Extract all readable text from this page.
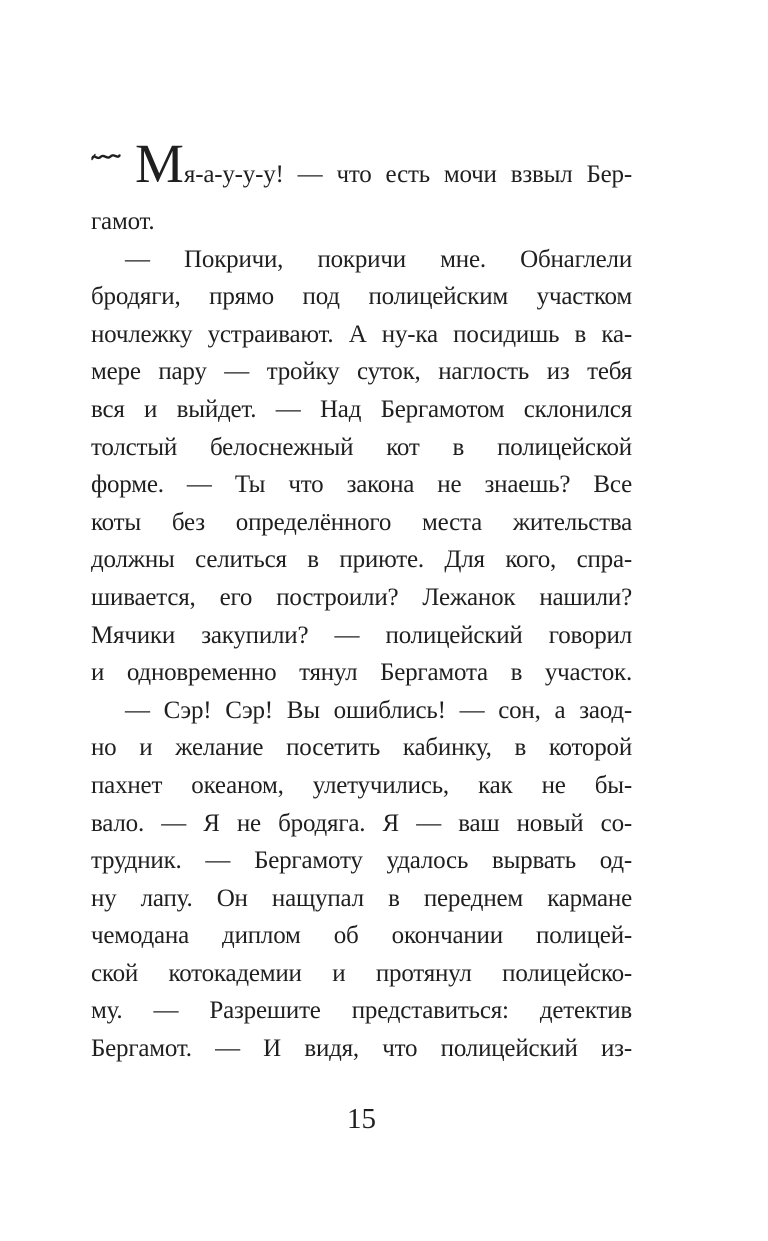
Мя-а-у-у-у! — что есть мочи взвыл Бер-
гамот.
— Покричи, покричи мне. Обнаглели
бродяги, прямо под полицейским участком
ночлежку устраивают. А ну-ка посидишь в ка-
мере пару — тройку суток, наглость из тебя
вся и выйдет. — Над Бергамотом склонился
толстый белоснежный кот в полицейской
форме. — Ты что закона не знаешь? Все
коты без определённого места жительства
должны селиться в приюте. Для кого, спра-
шивается, его построили? Лежанок нашили?
Мячики закупили? — полицейский говорил
и одновременно тянул Бергамота в участок.
— Сэр! Сэр! Вы ошиблись! — сон, а заод-
но и желание посетить кабинку, в которой
пахнет океаном, улетучились, как не бы-
вало. — Я не бродяга. Я — ваш новый со-
трудник. — Бергамоту удалось вырвать од-
ну лапу. Он нащупал в переднем кармане
чемодана диплом об окончании полицей-
ской котокадемии и протянул полицейско-
му. — Разрешите представиться: детектив
Бергамот. — И видя, что полицейский из-
15
